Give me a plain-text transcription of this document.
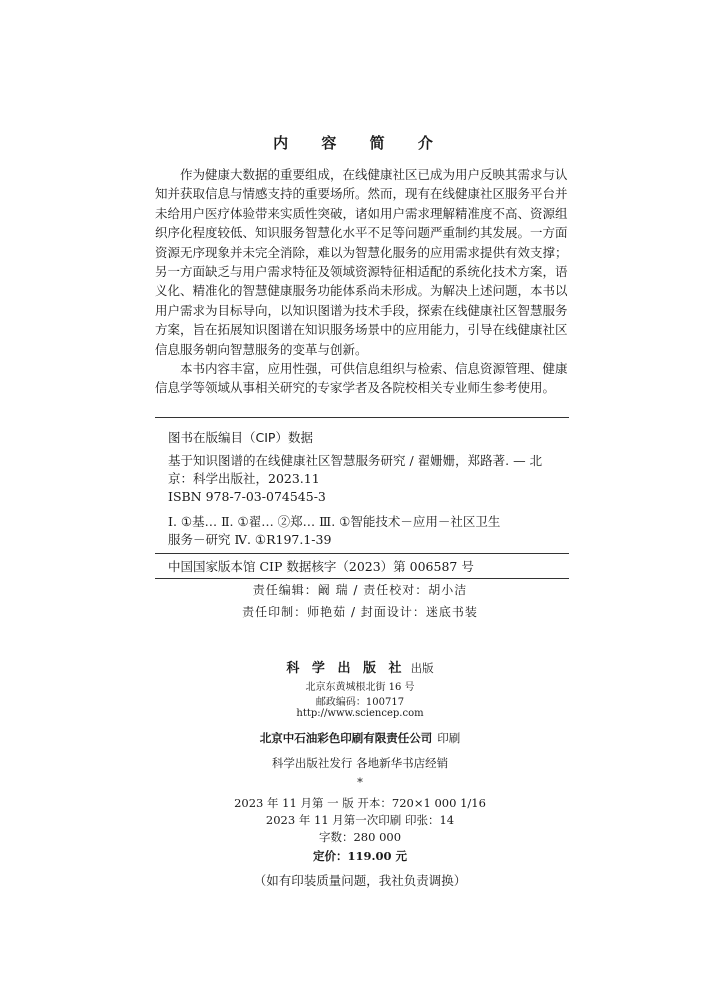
内 容 简 介

作为健康大数据的重要组成，在线健康社区已成为用户反映其需求与认
知并获取信息与情感支持的重要场所。然而，现有在线健康社区服务平台并
未给用户医疗体验带来实质性突破，诸如用户需求理解精准度不高、资源组
织序化程度较低、知识服务智慧化水平不足等问题严重制约其发展。一方面
资源无序现象并未完全消除，难以为智慧化服务的应用需求提供有效支撑；
另一方面缺乏与用户需求特征及领域资源特征相适配的系统化技术方案，语
义化、精准化的智慧健康服务功能体系尚未形成。为解决上述问题，本书以
用户需求为目标导向，以知识图谱为技术手段，探索在线健康社区智慧服务
方案，旨在拓展知识图谱在知识服务场景中的应用能力，引导在线健康社区
信息服务朝向智慧服务的变革与创新。

本书内容丰富，应用性强，可供信息组织与检索、信息资源管理、健康
信息学等领域从事相关研究的专家学者及各院校相关专业师生参考使用。

图书在版编目（CIP）数据
基于知识图谱的在线健康社区智慧服务研究 / 翟姗姗，郑路著. — 北
京：科学出版社，2023.11
ISBN 978-7-03-074545-3
Ⅰ. ①基… Ⅱ. ①翟… ②郑… Ⅲ. ①智能技术－应用－社区卫生
服务－研究 Ⅳ. ①R197.1-39
中国国家版本馆 CIP 数据核字（2023）第 006587 号
责任编辑：阚 瑞 / 责任校对：胡小洁
责任印制：师艳茹 / 封面设计：迷底书装
科 学 出 版 社 出版
北京东黄城根北街 16 号
邮政编码：100717
http://www.sciencep.com
北京中石油彩色印刷有限责任公司 印刷
科学出版社发行 各地新华书店经销
*
2023 年 11 月第 一 版 开本：720×1 000 1/16
2023 年 11 月第一次印刷 印张：14
字数：280 000
定价：119.00 元
（如有印装质量问题，我社负责调换）
